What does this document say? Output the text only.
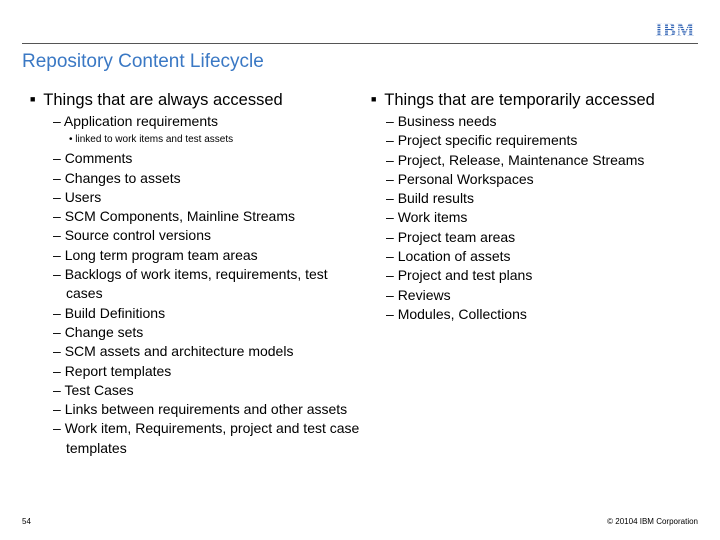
IBM
Repository Content Lifecycle
■ Things that are always accessed
– Application requirements
• linked to work items and test assets
– Comments
– Changes to assets
– Users
– SCM Components, Mainline Streams
– Source control versions
– Long term program team areas
– Backlogs of work items, requirements, test cases
– Build Definitions
– Change sets
– SCM assets and architecture models
– Report templates
– Test Cases
– Links between requirements and other assets
– Work item, Requirements, project and test case templates
■ Things that are temporarily accessed
– Business needs
– Project specific requirements
– Project, Release, Maintenance Streams
– Personal Workspaces
– Build results
– Work items
– Project team areas
– Location of assets
– Project and test plans
– Reviews
– Modules, Collections
54	© 20104 IBM Corporation
